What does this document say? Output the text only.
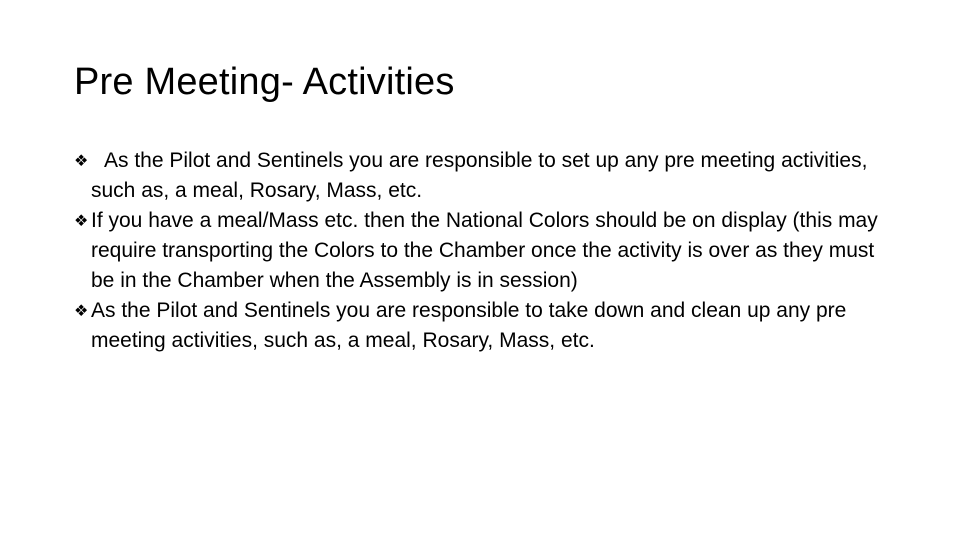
Pre Meeting- Activities
❖ As the Pilot and Sentinels you are responsible to set up any pre meeting activities, such as, a meal, Rosary, Mass, etc.
❖ If you have a meal/Mass etc. then the National Colors should be on display (this may require transporting the Colors to the Chamber once the activity is over as they must be in the Chamber when the Assembly is in session)
❖ As the Pilot and Sentinels you are responsible to take down and clean up any pre meeting activities, such as, a meal, Rosary, Mass, etc.
